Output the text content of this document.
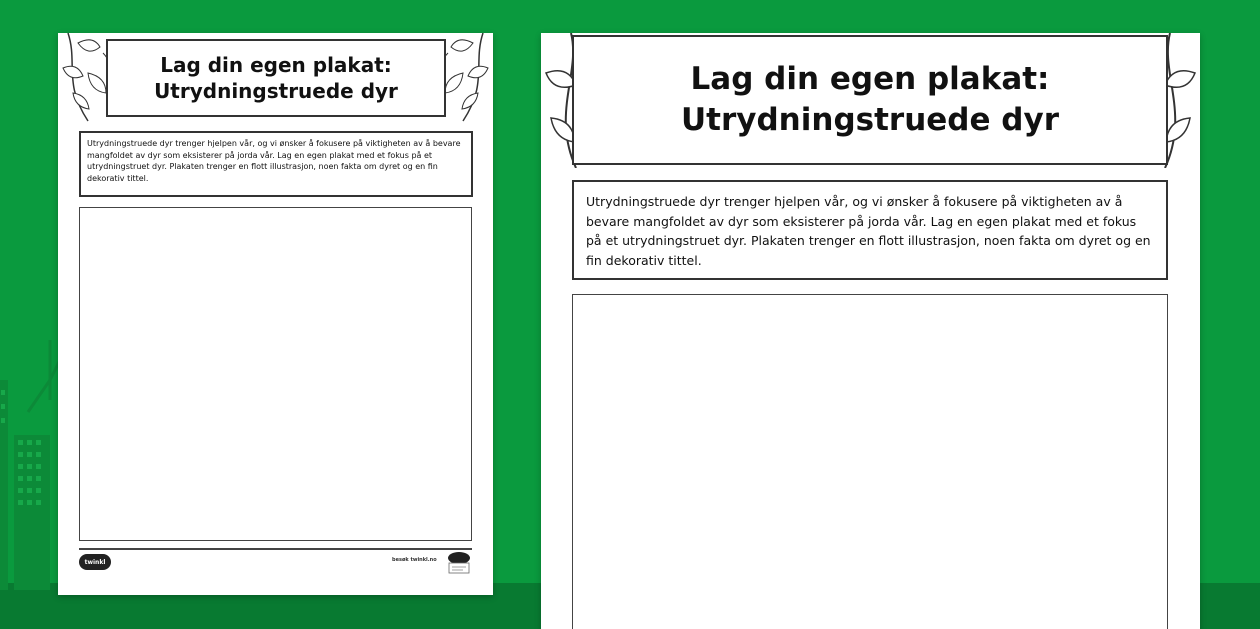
Lag din egen plakat:
Utrydningstruede dyr
Utrydningstruede dyr trenger hjelpen vår, og vi ønsker å fokusere på viktigheten av å bevare mangfoldet av dyr som eksisterer på jorda vår. Lag en egen plakat med et fokus på et utrydningstruet dyr. Plakaten trenger en flott illustrasjon, noen fakta om dyret og en fin dekorativ tittel.
twinkl	besøk twinkl.no
Lag din egen plakat:
Utrydningstruede dyr
Utrydningstruede dyr trenger hjelpen vår, og vi ønsker å fokusere på viktigheten av å bevare mangfoldet av dyr som eksisterer på jorda vår. Lag en egen plakat med et fokus på et utrydningstruet dyr. Plakaten trenger en flott illustrasjon, noen fakta om dyret og en fin dekorativ tittel.
